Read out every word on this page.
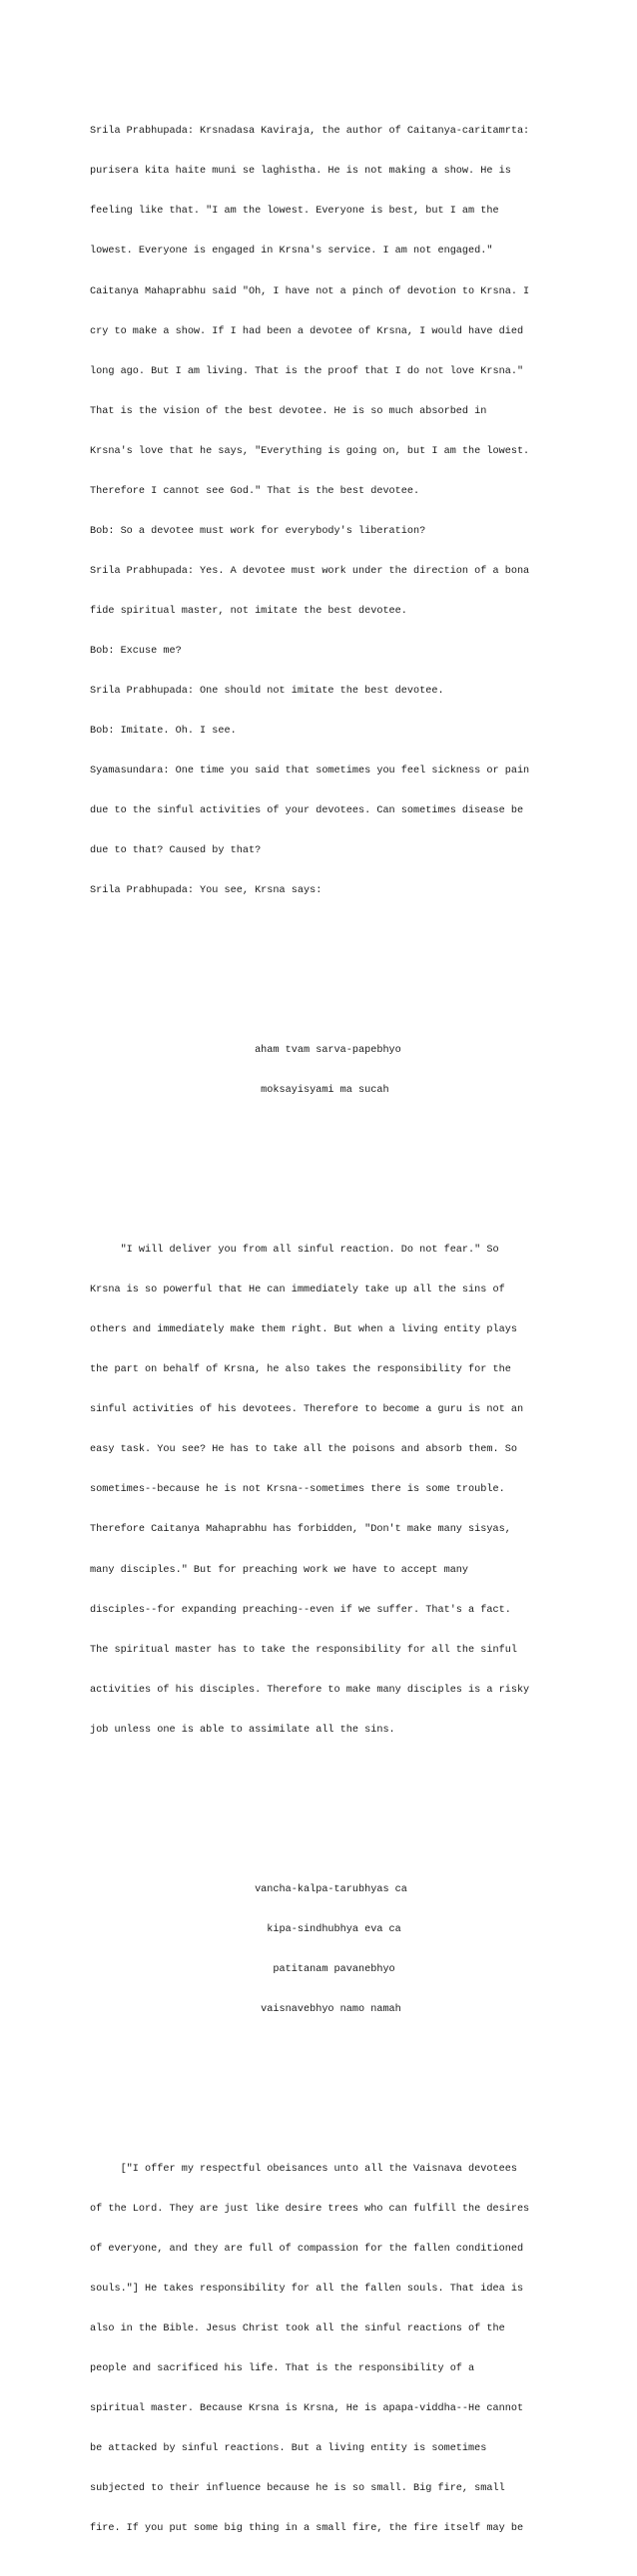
Srila Prabhupada: Krsnadasa Kaviraja, the author of Caitanya-caritamrta:

purisera kita haite muni se laghistha. He is not making a show. He is

feeling like that. "I am the lowest. Everyone is best, but I am the

lowest. Everyone is engaged in Krsna's service. I am not engaged."

Caitanya Mahaprabhu said "Oh, I have not a pinch of devotion to Krsna. I

cry to make a show. If I had been a devotee of Krsna, I would have died

long ago. But I am living. That is the proof that I do not love Krsna."

That is the vision of the best devotee. He is so much absorbed in

Krsna's love that he says, "Everything is going on, but I am the lowest.

Therefore I cannot see God." That is the best devotee.

Bob: So a devotee must work for everybody's liberation?

Srila Prabhupada: Yes. A devotee must work under the direction of a bona

fide spiritual master, not imitate the best devotee.

Bob: Excuse me?

Srila Prabhupada: One should not imitate the best devotee.

Bob: Imitate. Oh. I see.

Syamasundara: One time you said that sometimes you feel sickness or pain

due to the sinful activities of your devotees. Can sometimes disease be

due to that? Caused by that?

Srila Prabhupada: You see, Krsna says:

aham tvam sarva-papebhyo

moksayisyami ma sucah

"I will deliver you from all sinful reaction. Do not fear." So

Krsna is so powerful that He can immediately take up all the sins of

others and immediately make them right. But when a living entity plays

the part on behalf of Krsna, he also takes the responsibility for the

sinful activities of his devotees. Therefore to become a guru is not an

easy task. You see? He has to take all the poisons and absorb them. So

sometimes--because he is not Krsna--sometimes there is some trouble.

Therefore Caitanya Mahaprabhu has forbidden, "Don't make many sisyas,

many disciples." But for preaching work we have to accept many

disciples--for expanding preaching--even if we suffer. That's a fact.

The spiritual master has to take the responsibility for all the sinful

activities of his disciples. Therefore to make many disciples is a risky

job unless one is able to assimilate all the sins.

vancha-kalpa-tarubhyas ca

kipa-sindhubhya eva ca

patitanam pavanebhyo

vaisnavebhyo namo namah

["I offer my respectful obeisances unto all the Vaisnava devotees

of the Lord. They are just like desire trees who can fulfill the desires

of everyone, and they are full of compassion for the fallen conditioned

souls."] He takes responsibility for all the fallen souls. That idea is

also in the Bible. Jesus Christ took all the sinful reactions of the

people and sacrificed his life. That is the responsibility of a

spiritual master. Because Krsna is Krsna, He is apapa-viddha--He cannot

be attacked by sinful reactions. But a living entity is sometimes

subjected to their influence because he is so small. Big fire, small

fire. If you put some big thing in a small fire, the fire itself may be
